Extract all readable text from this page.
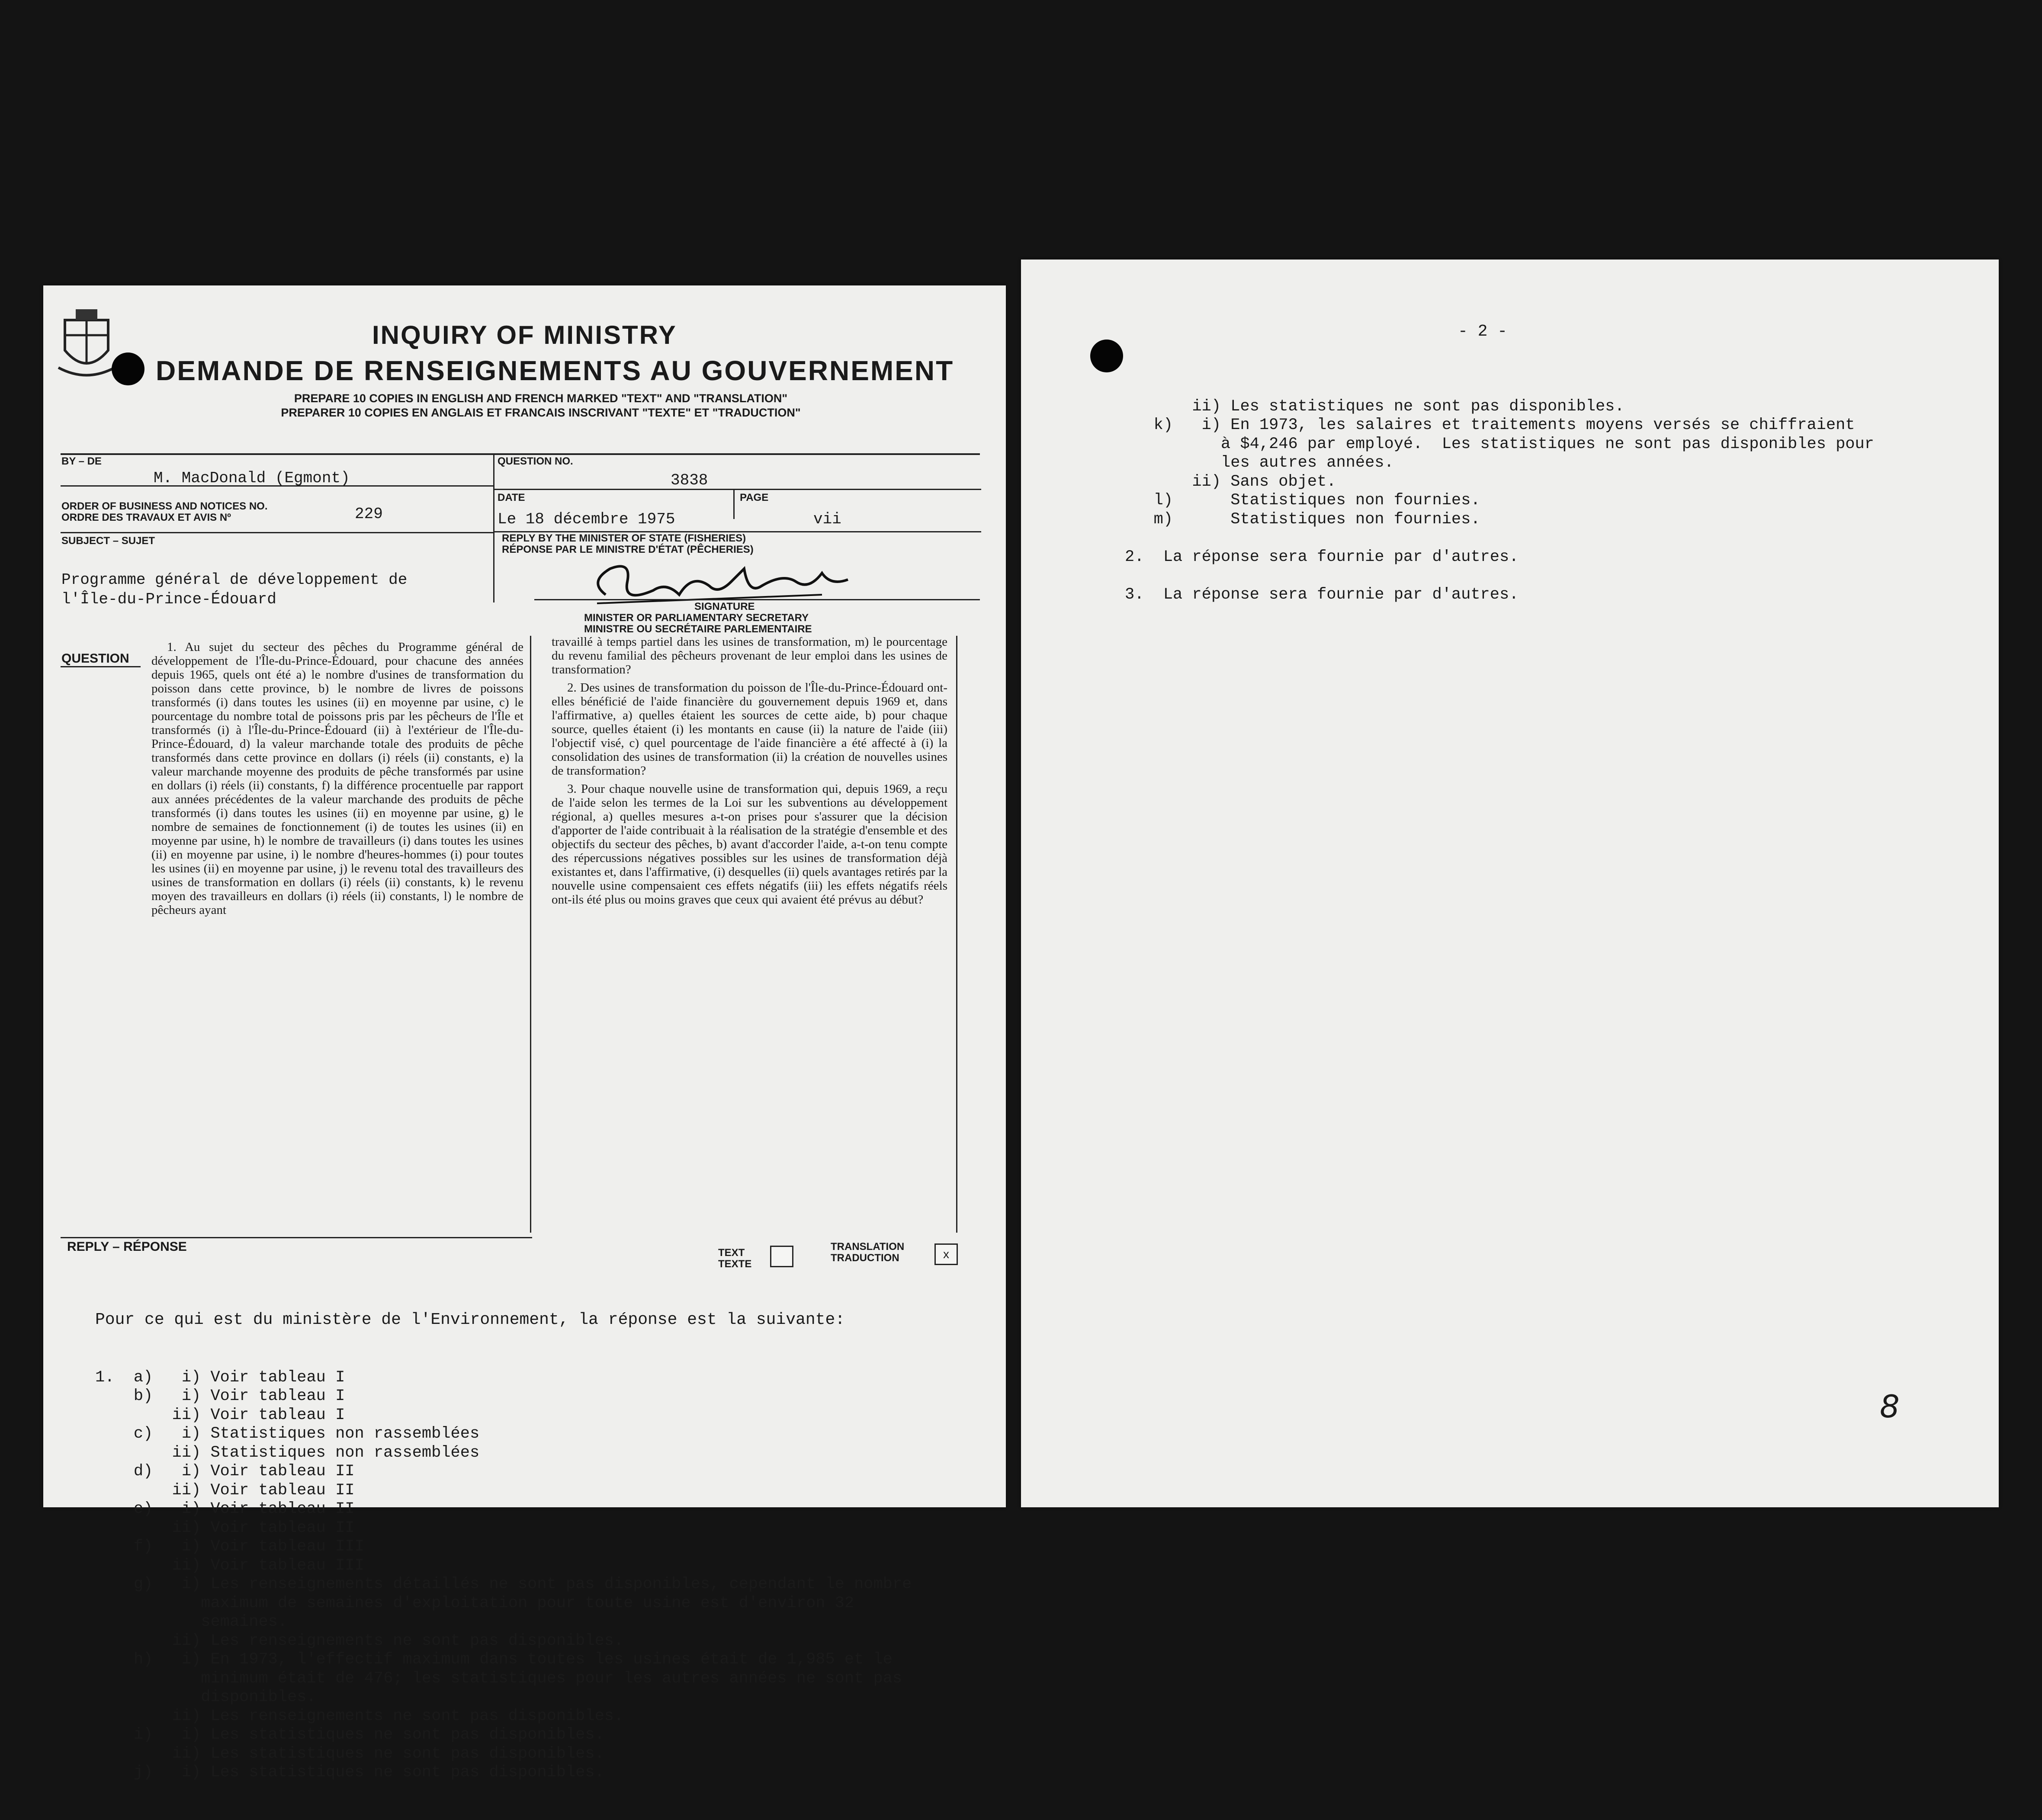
INQUIRY OF MINISTRY
DEMANDE DE RENSEIGNEMENTS AU GOUVERNEMENT
PREPARE 10 COPIES IN ENGLISH AND FRENCH MARKED "TEXT" AND "TRANSLATION"
PREPARER 10 COPIES EN ANGLAIS ET FRANCAIS INSCRIVANT "TEXTE" ET "TRADUCTION"
BY – DE
M. MacDonald (Egmont)
QUESTION NO.
3838
ORDER OF BUSINESS AND NOTICES NO.
ORDRE DES TRAVAUX ET AVIS Nº	229
DATE
Le 18 décembre 1975
PAGE
vii
SUBJECT – SUJET	REPLY BY THE MINISTER OF STATE (FISHERIES)
RÉPONSE PAR LE MINISTRE D'ÉTAT (PÊCHERIES)
Programme général de développement de
l'Île-du-Prince-Édouard	SIGNATURE
MINISTER OR PARLIAMENTARY SECRETARY
MINISTRE OU SECRÉTAIRE PARLEMENTAIRE
QUESTION

1. Au sujet du secteur des pêches du Programme général de développement de l'Île-du-Prince-Édouard, pour chacune des années depuis 1965, quels ont été a) le nombre d'usines de transformation du poisson dans cette province, b) le nombre de livres de poissons transformés (i) dans toutes les usines (ii) en moyenne par usine, c) le pourcentage du nombre total de poissons pris par les pêcheurs de l'Île et transformés (i) à l'Île-du-Prince-Édouard (ii) à l'extérieur de l'Île-du-Prince-Édouard, d) la valeur marchande totale des produits de pêche transformés dans cette province en dollars (i) réels (ii) constants, e) la valeur marchande moyenne des produits de pêche transformés par usine en dollars (i) réels (ii) constants, f) la différence procentuelle par rapport aux années précédentes de la valeur marchande des produits de pêche transformés (i) dans toutes les usines (ii) en moyenne par usine, g) le nombre de semaines de fonctionnement (i) de toutes les usines (ii) en moyenne par usine, h) le nombre de travailleurs (i) dans toutes les usines (ii) en moyenne par usine, i) le nombre d'heures-hommes (i) pour toutes les usines (ii) en moyenne par usine, j) le revenu total des travailleurs des usines de transformation en dollars (i) réels (ii) constants, k) le revenu moyen des travailleurs en dollars (i) réels (ii) constants, l) le nombre de pêcheurs ayant

travaillé à temps partiel dans les usines de transformation, m) le pourcentage du revenu familial des pêcheurs provenant de leur emploi dans les usines de transformation?

2. Des usines de transformation du poisson de l'Île-du-Prince-Édouard ont-elles bénéficié de l'aide financière du gouvernement depuis 1969 et, dans l'affirmative, a) quelles étaient les sources de cette aide, b) pour chaque source, quelles étaient (i) les montants en cause (ii) la nature de l'aide (iii) l'objectif visé, c) quel pourcentage de l'aide financière a été affecté à (i) la consolidation des usines de transformation (ii) la création de nouvelles usines de transformation?

3. Pour chaque nouvelle usine de transformation qui, depuis 1969, a reçu de l'aide selon les termes de la Loi sur les subventions au développement régional, a) quelles mesures a-t-on prises pour s'assurer que la décision d'apporter de l'aide contribuait à la réalisation de la stratégie d'ensemble et des objectifs du secteur des pêches, b) avant d'accorder l'aide, a-t-on tenu compte des répercussions négatives possibles sur les usines de transformation déjà existantes et, dans l'affirmative, (i) desquelles (ii) quels avantages retirés par la nouvelle usine compensaient ces effets négatifs (iii) les effets négatifs réels ont-ils été plus ou moins graves que ceux qui avaient été prévus au début?

REPLY – RÉPONSE	TEXT
TEXTE
TRANSLATION
TRADUCTION	x
Pour ce qui est du ministère de l'Environnement, la réponse est la suivante:

1.  a)   i) Voir tableau I
b)   i) Voir tableau I
ii) Voir tableau I
c)   i) Statistiques non rassemblées
ii) Statistiques non rassemblées
d)   i) Voir tableau II
ii) Voir tableau II
e)   i) Voir tableau II
ii) Voir tableau II
f)   i) Voir tableau III
ii) Voir tableau III
g)   i) Les renseignements détaillés ne sont pas disponibles, cependant le nombre
maximum de semaines d'exploitation pour toute usine est d'environ 32
semaines.
ii) Les renseignements ne sont pas disponibles.
h)   i) En 1973, l'effectif maximum dans toutes les usines était de 1,985 et le
minimum était de 476; les statistiques pour les autres années ne sont pas
disponibles.
ii) Les renseignements ne sont pas disponibles.
i)   i) Les statistiques ne sont pas disponibles.
ii) Les statistiques ne sont pas disponibles.
j)   i) Les statistiques ne sont pas disponibles.

- 2 -

ii) Les statistiques ne sont pas disponibles.
k)   i) En 1973, les salaires et traitements moyens versés se chiffraient
à $4,246 par employé.  Les statistiques ne sont pas disponibles pour
les autres années.
ii) Sans objet.
l)      Statistiques non fournies.
m)      Statistiques non fournies.

2.  La réponse sera fournie par d'autres.

3.  La réponse sera fournie par d'autres.

8
